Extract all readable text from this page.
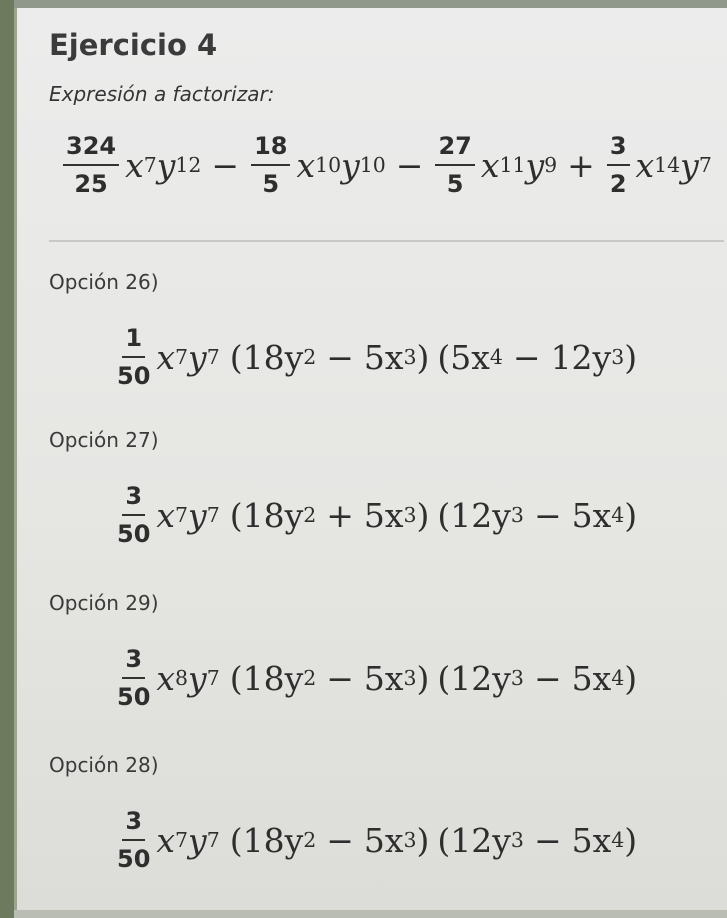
Ejercicio 4
Expresión a factorizar:
$\frac{324}{25}$ x 7 y $12 - \frac{18}{5}$ x 10 y $10 - \frac{27}{5}$ x 11 y $9 + \frac{3}{2}$ x 14 y 7
Opción 26)
$\frac{1}{50}$ x 7 y 7 (18y 2 − 5x 3 ) (5x 4 − 12y 3 )
Opción 27)
$\frac{3}{50}$ x 7 y 7 (18y 2 + 5x 3 ) (12y 3 − 5x 4 )
Opción 29)
$\frac{3}{50}$ x 8 y 7 (18y 2 − 5x 3 ) (12y 3 − 5x 4 )
Opción 28)
$\frac{3}{50}$ x 7 y 7 (18y 2 − 5x 3 ) (12y 3 − 5x 4 )
